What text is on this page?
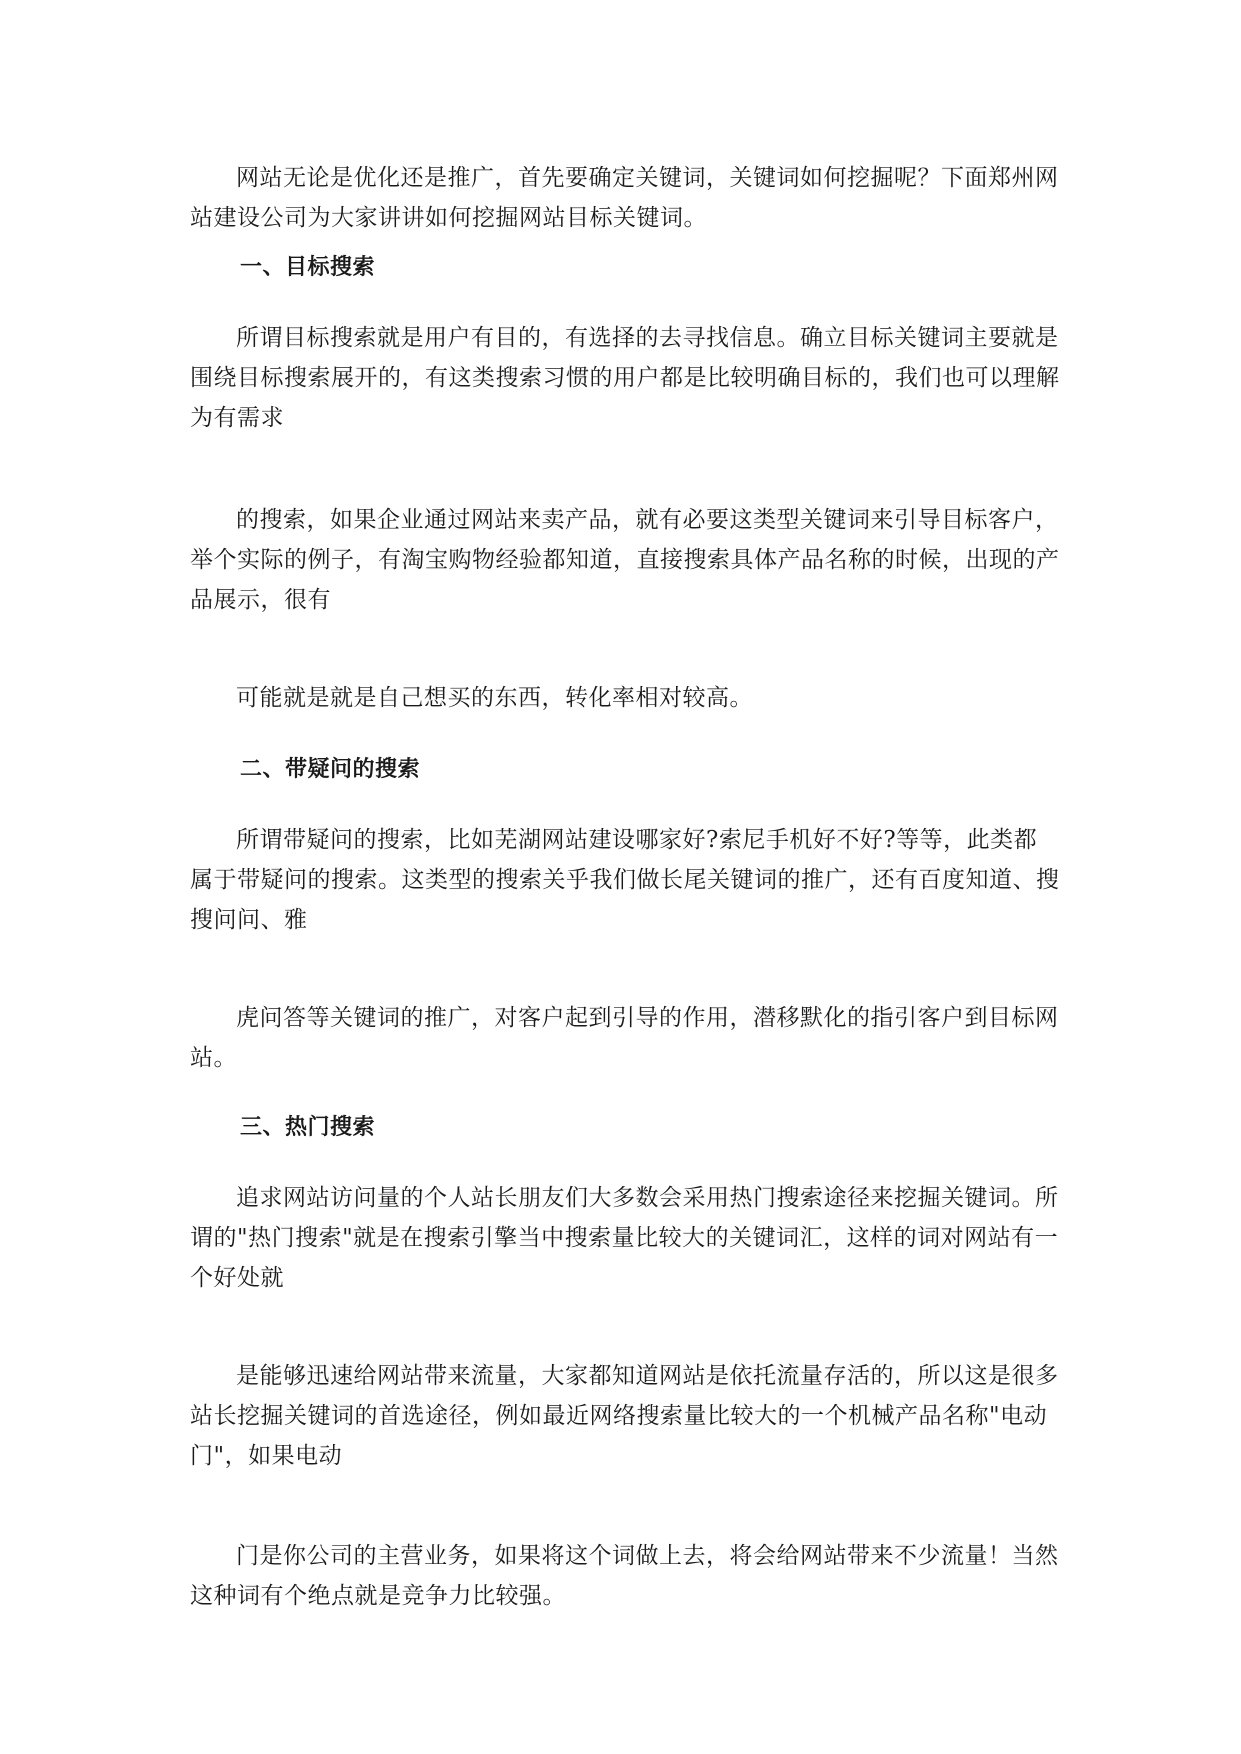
网站无论是优化还是推广，首先要确定关键词，关键词如何挖掘呢？下面郑州网站建设公司为大家讲讲如何挖掘网站目标关键词。

一、目标搜索

所谓目标搜索就是用户有目的，有选择的去寻找信息。确立目标关键词主要就是围绕目标搜索展开的，有这类搜索习惯的用户都是比较明确目标的，我们也可以理解为有需求

的搜索，如果企业通过网站来卖产品，就有必要这类型关键词来引导目标客户，举个实际的例子，有淘宝购物经验都知道，直接搜索具体产品名称的时候，出现的产品展示，很有

可能就是就是自己想买的东西，转化率相对较高。

二、带疑问的搜索

所谓带疑问的搜索，比如芜湖网站建设哪家好?索尼手机好不好?等等，此类都属于带疑问的搜索。这类型的搜索关乎我们做长尾关键词的推广，还有百度知道、搜搜问问、雅

虎问答等关键词的推广，对客户起到引导的作用，潜移默化的指引客户到目标网站。

三、热门搜索

追求网站访问量的个人站长朋友们大多数会采用热门搜索途径来挖掘关键词。所谓的"热门搜索"就是在搜索引擎当中搜索量比较大的关键词汇，这样的词对网站有一个好处就

是能够迅速给网站带来流量，大家都知道网站是依托流量存活的，所以这是很多站长挖掘关键词的首选途径，例如最近网络搜索量比较大的一个机械产品名称"电动门"，如果电动

门是你公司的主营业务，如果将这个词做上去，将会给网站带来不少流量！当然这种词有个绝点就是竞争力比较强。
